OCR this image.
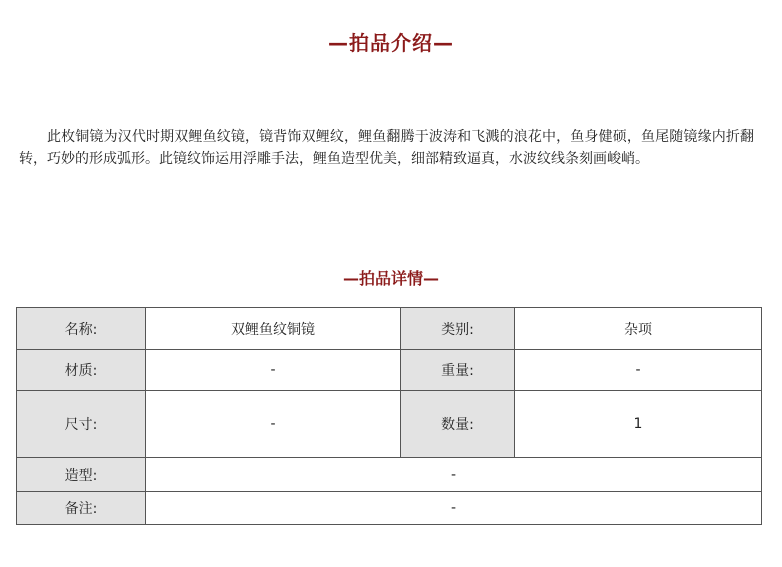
—拍品介绍—

此枚铜镜为汉代时期双鲤鱼纹镜，镜背饰双鲤纹，鲤鱼翻腾于波涛和飞溅的浪花中，鱼身健硕，鱼尾随镜缘内折翻转，巧妙的形成弧形。此镜纹饰运用浮雕手法，鲤鱼造型优美，细部精致逼真，水波纹线条刻画峻峭。

—拍品详情—
名称:	双鲤鱼纹铜镜	类别:	杂项
材质:	-	重量:	-
尺寸:	-	数量:	1
造型:	-		
备注:	-		
